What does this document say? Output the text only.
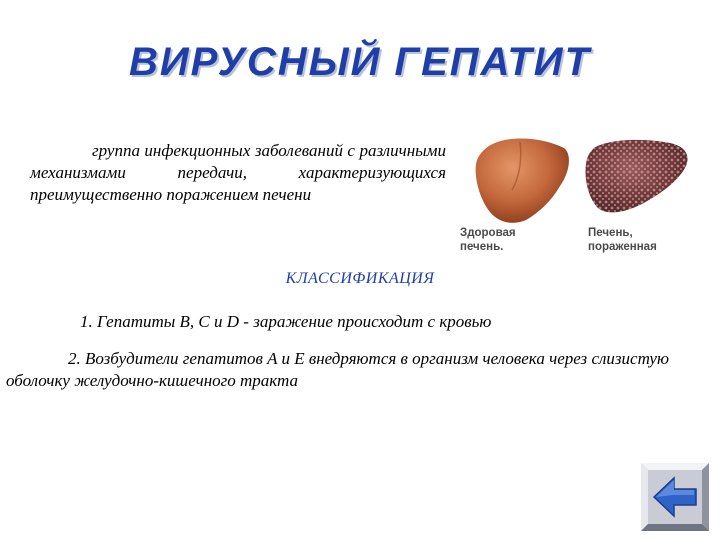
ВИРУСНЫЙ ГЕПАТИТ
группа инфекционных заболеваний с различными механизмами передачи, характеризующихся преимущественно поражением печени
Здоровая печень.
Печень, пораженная
КЛАССИФИКАЦИЯ
1. Гепатиты B, C и D - заражение происходит с кровью
2. Возбудители гепатитов A и E внедряются в организм человека через слизистую оболочку желудочно-кишечного тракта
